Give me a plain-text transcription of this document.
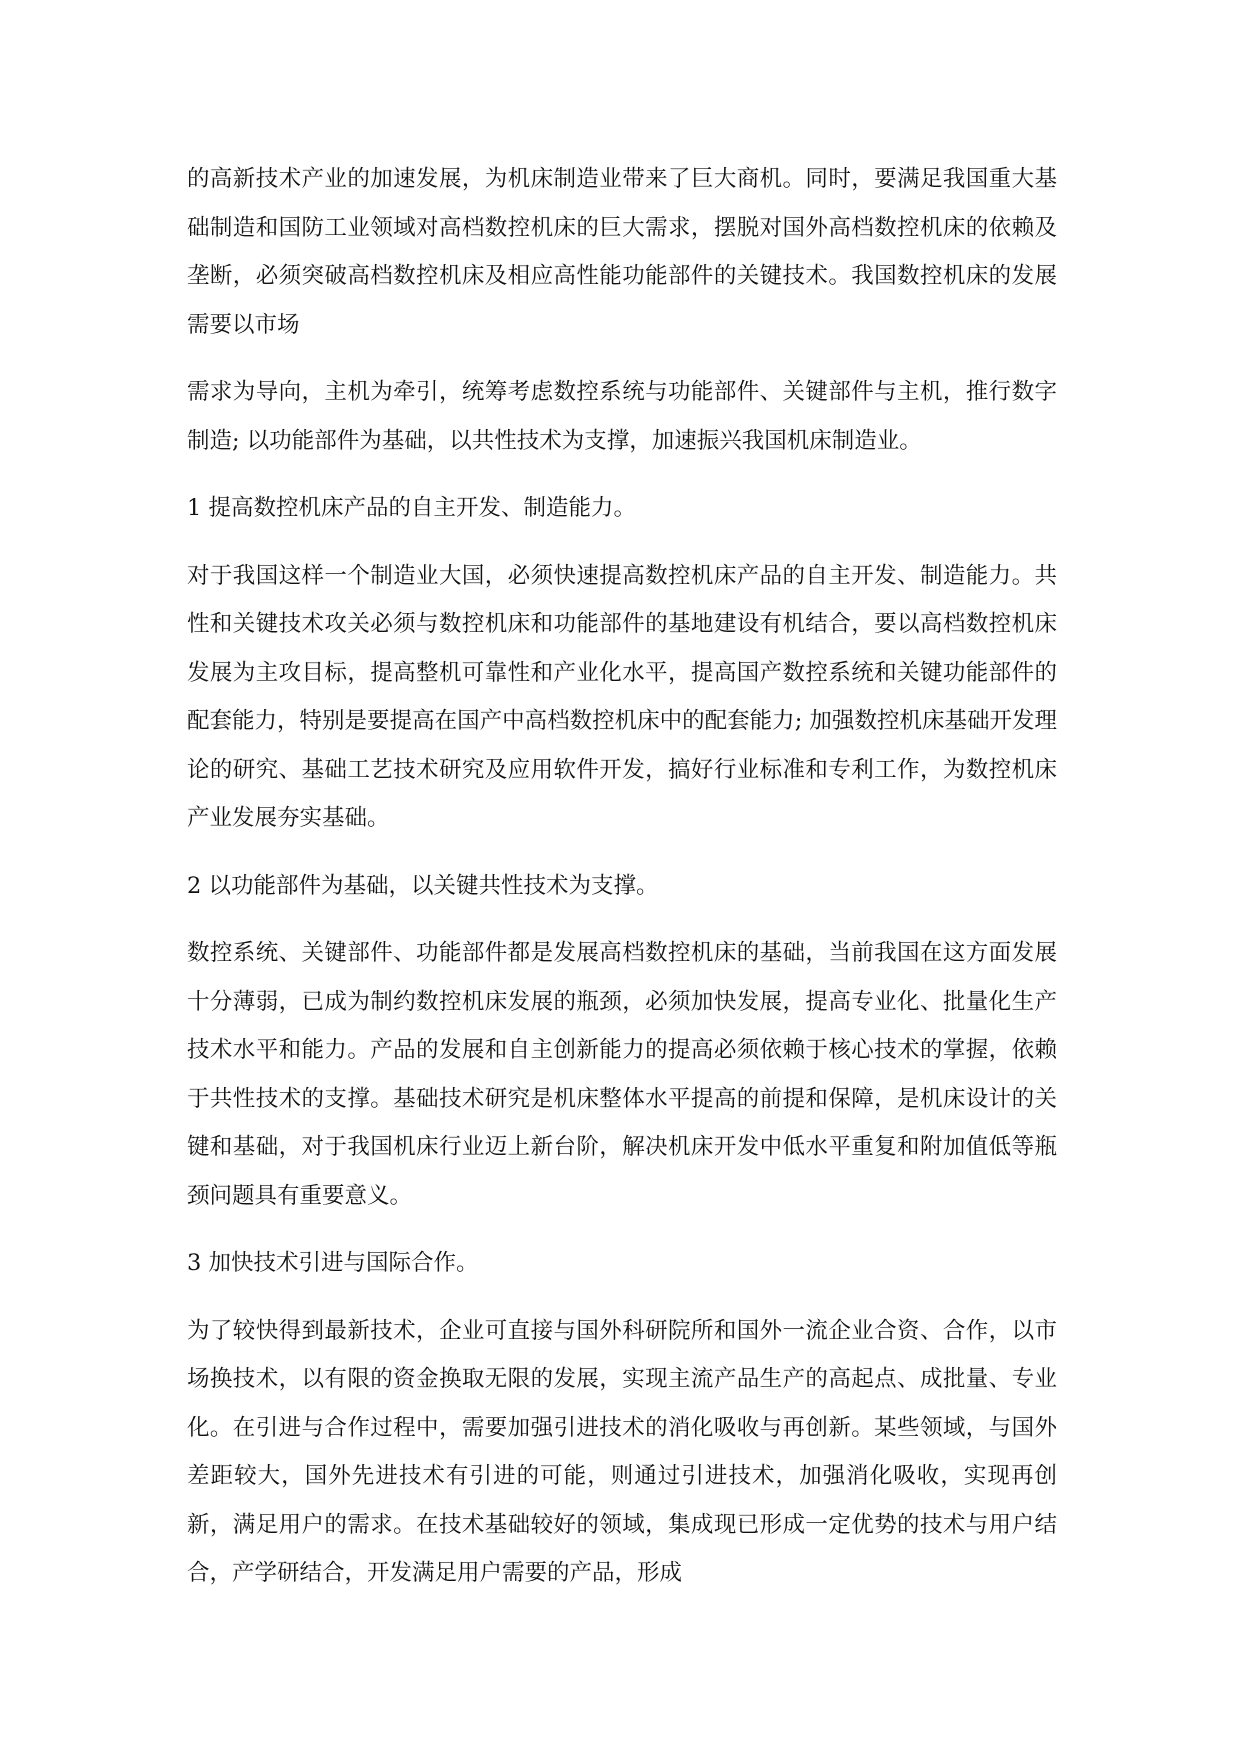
的高新技术产业的加速发展，为机床制造业带来了巨大商机。同时，要满足我国重大基础制造和国防工业领域对高档数控机床的巨大需求，摆脱对国外高档数控机床的依赖及垄断，必须突破高档数控机床及相应高性能功能部件的关键技术。我国数控机床的发展需要以市场

需求为导向，主机为牵引，统筹考虑数控系统与功能部件、关键部件与主机，推行数字制造; 以功能部件为基础，以共性技术为支撑，加速振兴我国机床制造业。

1 提高数控机床产品的自主开发、制造能力。

对于我国这样一个制造业大国，必须快速提高数控机床产品的自主开发、制造能力。共性和关键技术攻关必须与数控机床和功能部件的基地建设有机结合，要以高档数控机床发展为主攻目标，提高整机可靠性和产业化水平，提高国产数控系统和关键功能部件的配套能力，特别是要提高在国产中高档数控机床中的配套能力; 加强数控机床基础开发理论的研究、基础工艺技术研究及应用软件开发，搞好行业标准和专利工作，为数控机床产业发展夯实基础。

2 以功能部件为基础，以关键共性技术为支撑。

数控系统、关键部件、功能部件都是发展高档数控机床的基础，当前我国在这方面发展十分薄弱，已成为制约数控机床发展的瓶颈，必须加快发展，提高专业化、批量化生产技术水平和能力。产品的发展和自主创新能力的提高必须依赖于核心技术的掌握，依赖于共性技术的支撑。基础技术研究是机床整体水平提高的前提和保障，是机床设计的关键和基础，对于我国机床行业迈上新台阶，解决机床开发中低水平重复和附加值低等瓶颈问题具有重要意义。

3 加快技术引进与国际合作。

为了较快得到最新技术，企业可直接与国外科研院所和国外一流企业合资、合作，以市场换技术，以有限的资金换取无限的发展，实现主流产品生产的高起点、成批量、专业化。在引进与合作过程中，需要加强引进技术的消化吸收与再创新。某些领域，与国外差距较大，国外先进技术有引进的可能，则通过引进技术，加强消化吸收，实现再创新，满足用户的需求。在技术基础较好的领域，集成现已形成一定优势的技术与用户结合，产学研结合，开发满足用户需要的产品，形成
